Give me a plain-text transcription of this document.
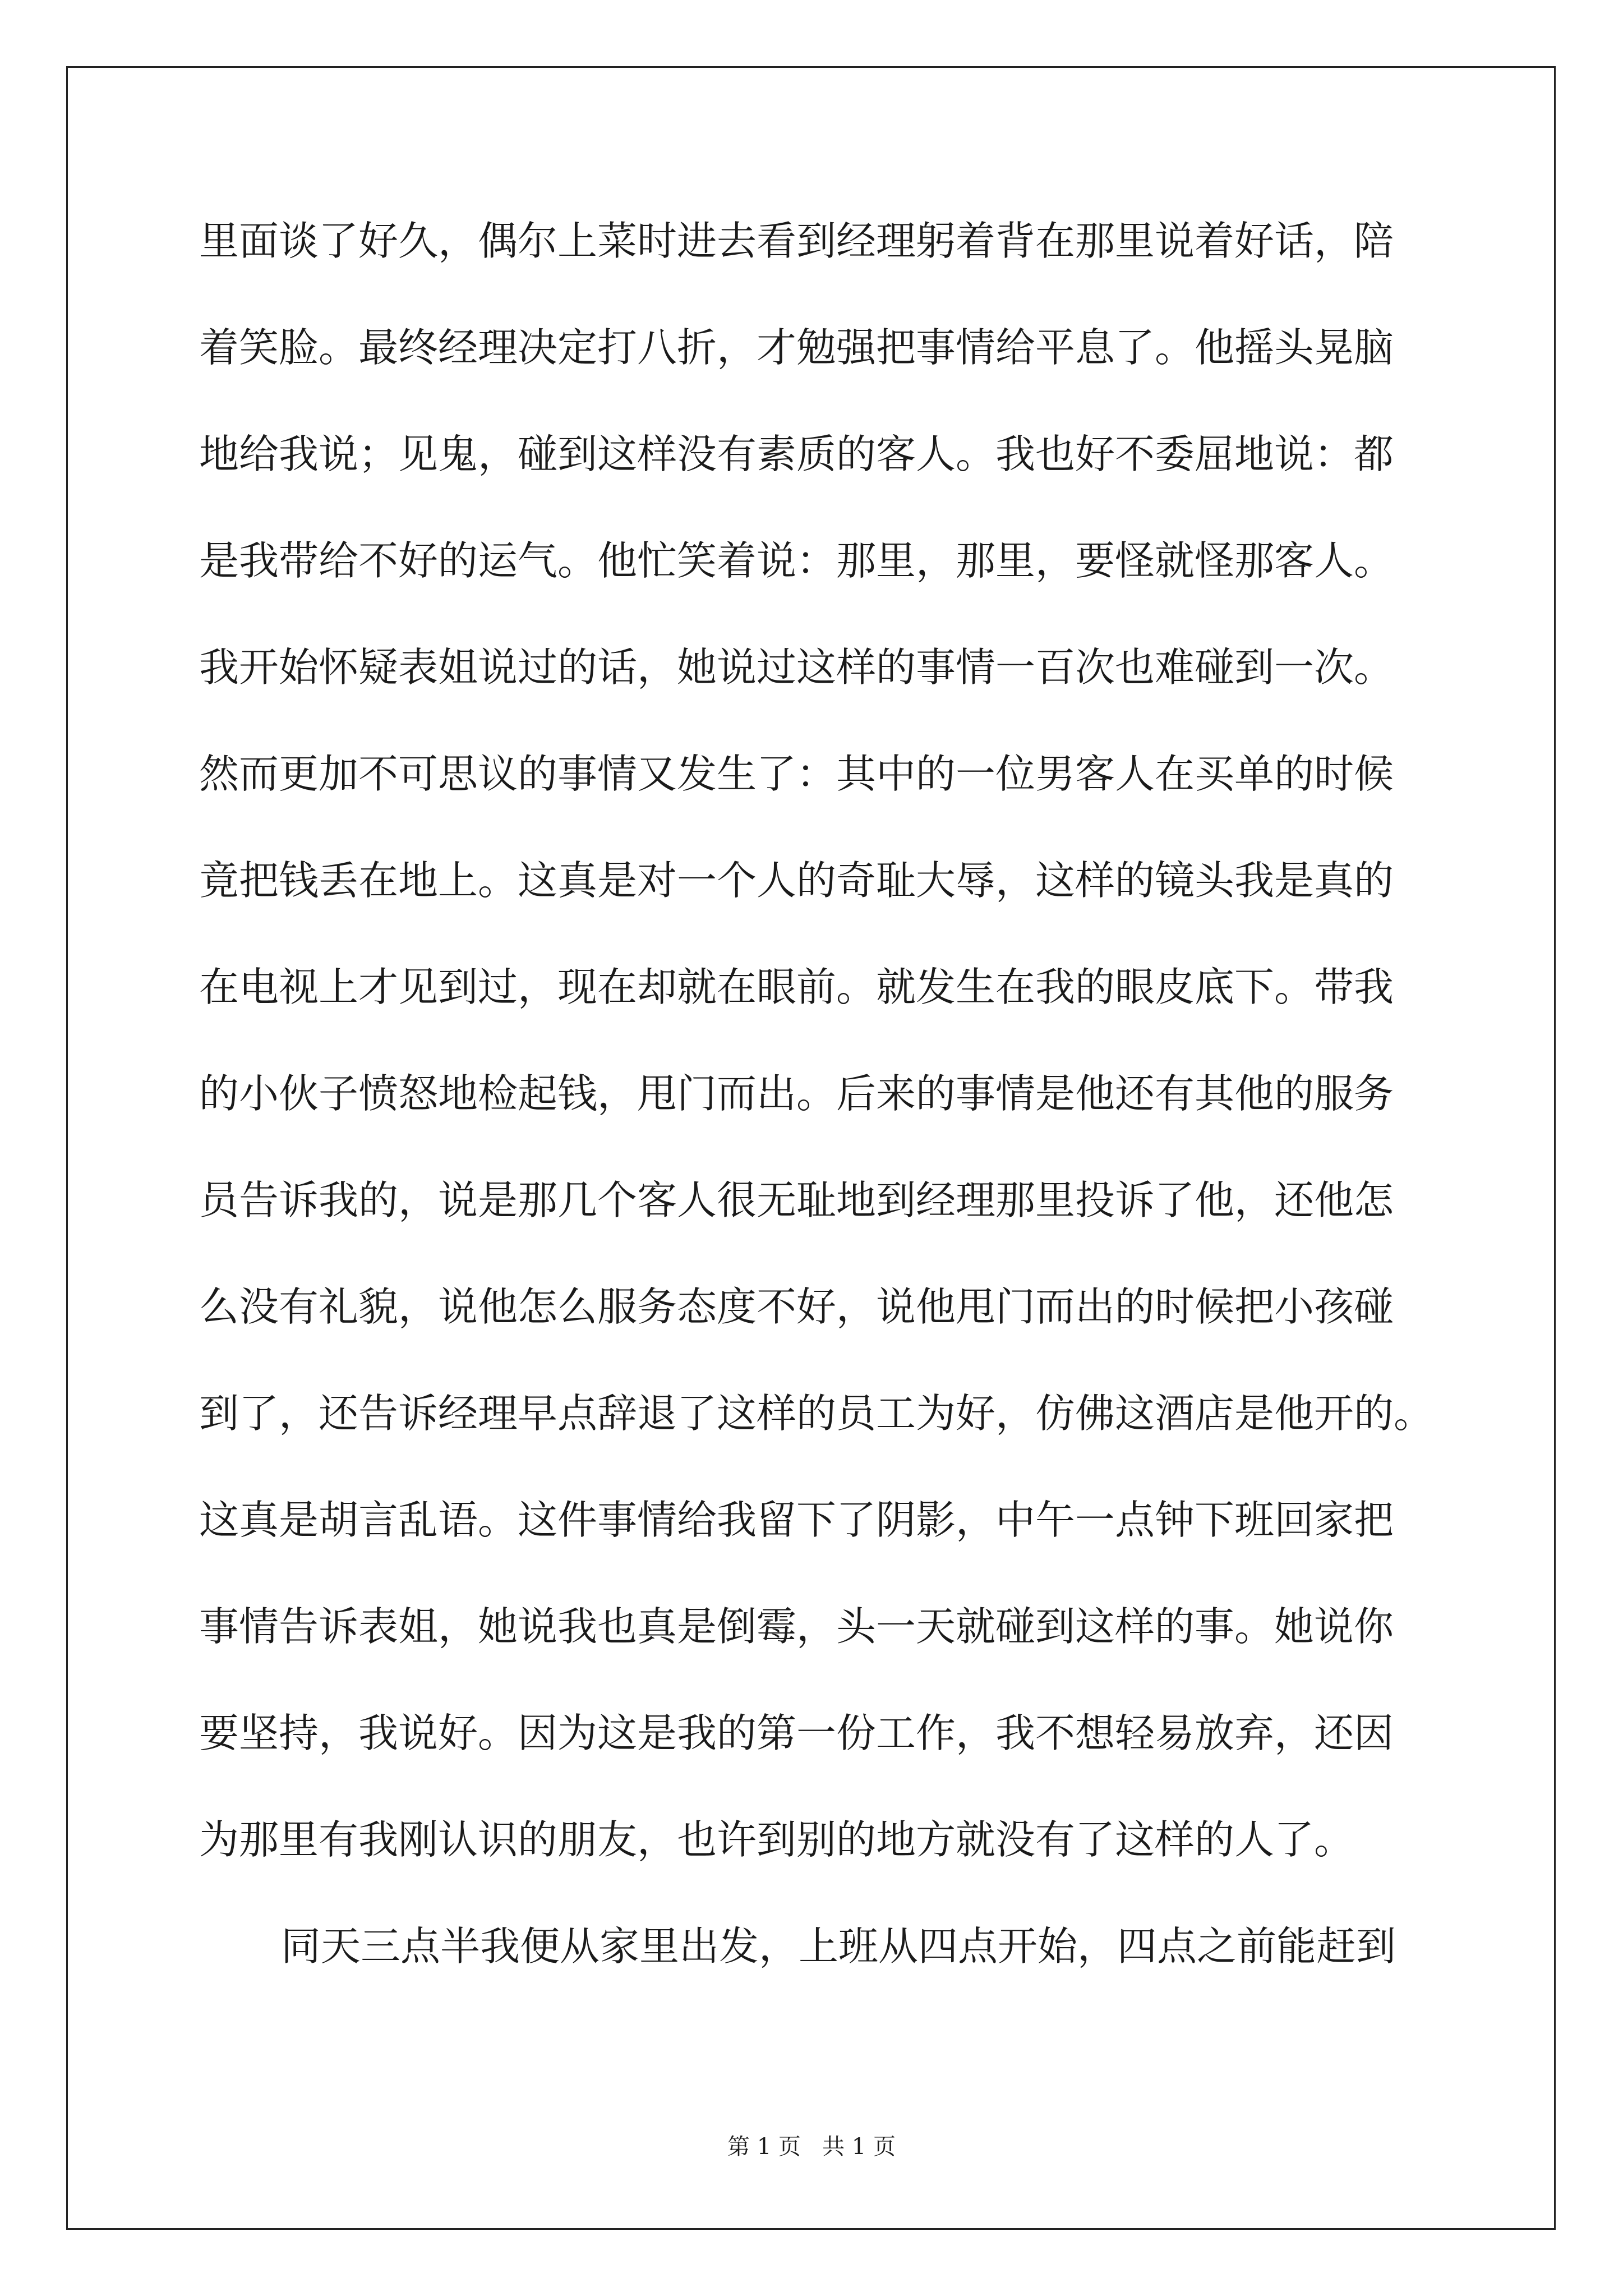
里面谈了好久，偶尔上菜时进去看到经理躬着背在那里说着好话，陪
着笑脸。最终经理决定打八折，才勉强把事情给平息了。他摇头晃脑
地给我说；见鬼，碰到这样没有素质的客人。我也好不委屈地说：都
是我带给不好的运气。他忙笑着说：那里，那里，要怪就怪那客人。
我开始怀疑表姐说过的话，她说过这样的事情一百次也难碰到一次。
然而更加不可思议的事情又发生了：其中的一位男客人在买单的时候
竟把钱丢在地上。这真是对一个人的奇耻大辱，这样的镜头我是真的
在电视上才见到过，现在却就在眼前。就发生在我的眼皮底下。带我
的小伙子愤怒地检起钱，甩门而出。后来的事情是他还有其他的服务
员告诉我的，说是那几个客人很无耻地到经理那里投诉了他，还他怎
么没有礼貌，说他怎么服务态度不好，说他甩门而出的时候把小孩碰
到了，还告诉经理早点辞退了这样的员工为好，仿佛这酒店是他开的。
这真是胡言乱语。这件事情给我留下了阴影，中午一点钟下班回家把
事情告诉表姐，她说我也真是倒霉，头一天就碰到这样的事。她说你
要坚持，我说好。因为这是我的第一份工作，我不想轻易放弃，还因
为那里有我刚认识的朋友，也许到别的地方就没有了这样的人了。
同天三点半我便从家里出发，上班从四点开始，四点之前能赶到
第 1 页   共 1 页
